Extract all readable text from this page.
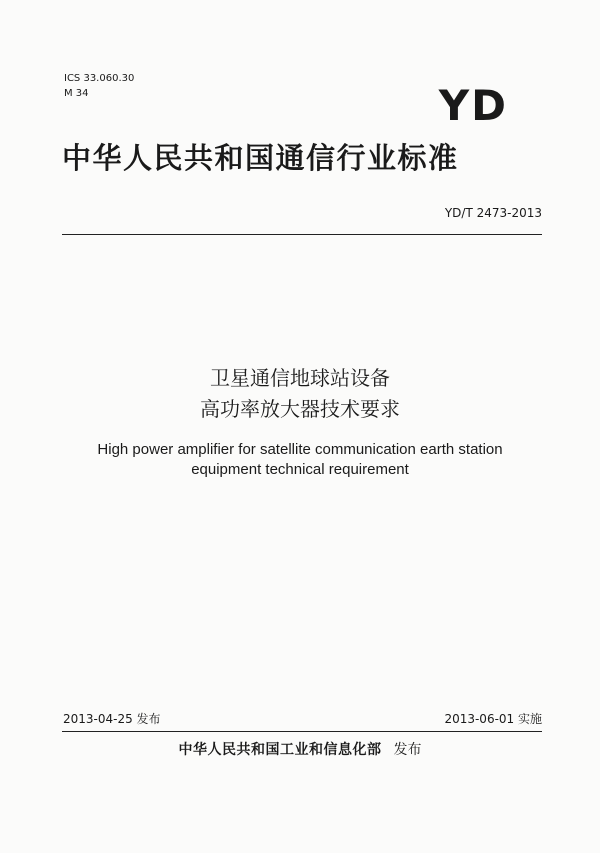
ICS 33.060.30
M 34	YD
中华人民共和国通信行业标准
YD/T 2473-2013
卫星通信地球站设备
高功率放大器技术要求
High power amplifier for satellite communication earth station
equipment technical requirement
2013-04-25 发布	2013-06-01 实施
中华人民共和国工业和信息化部 发布
